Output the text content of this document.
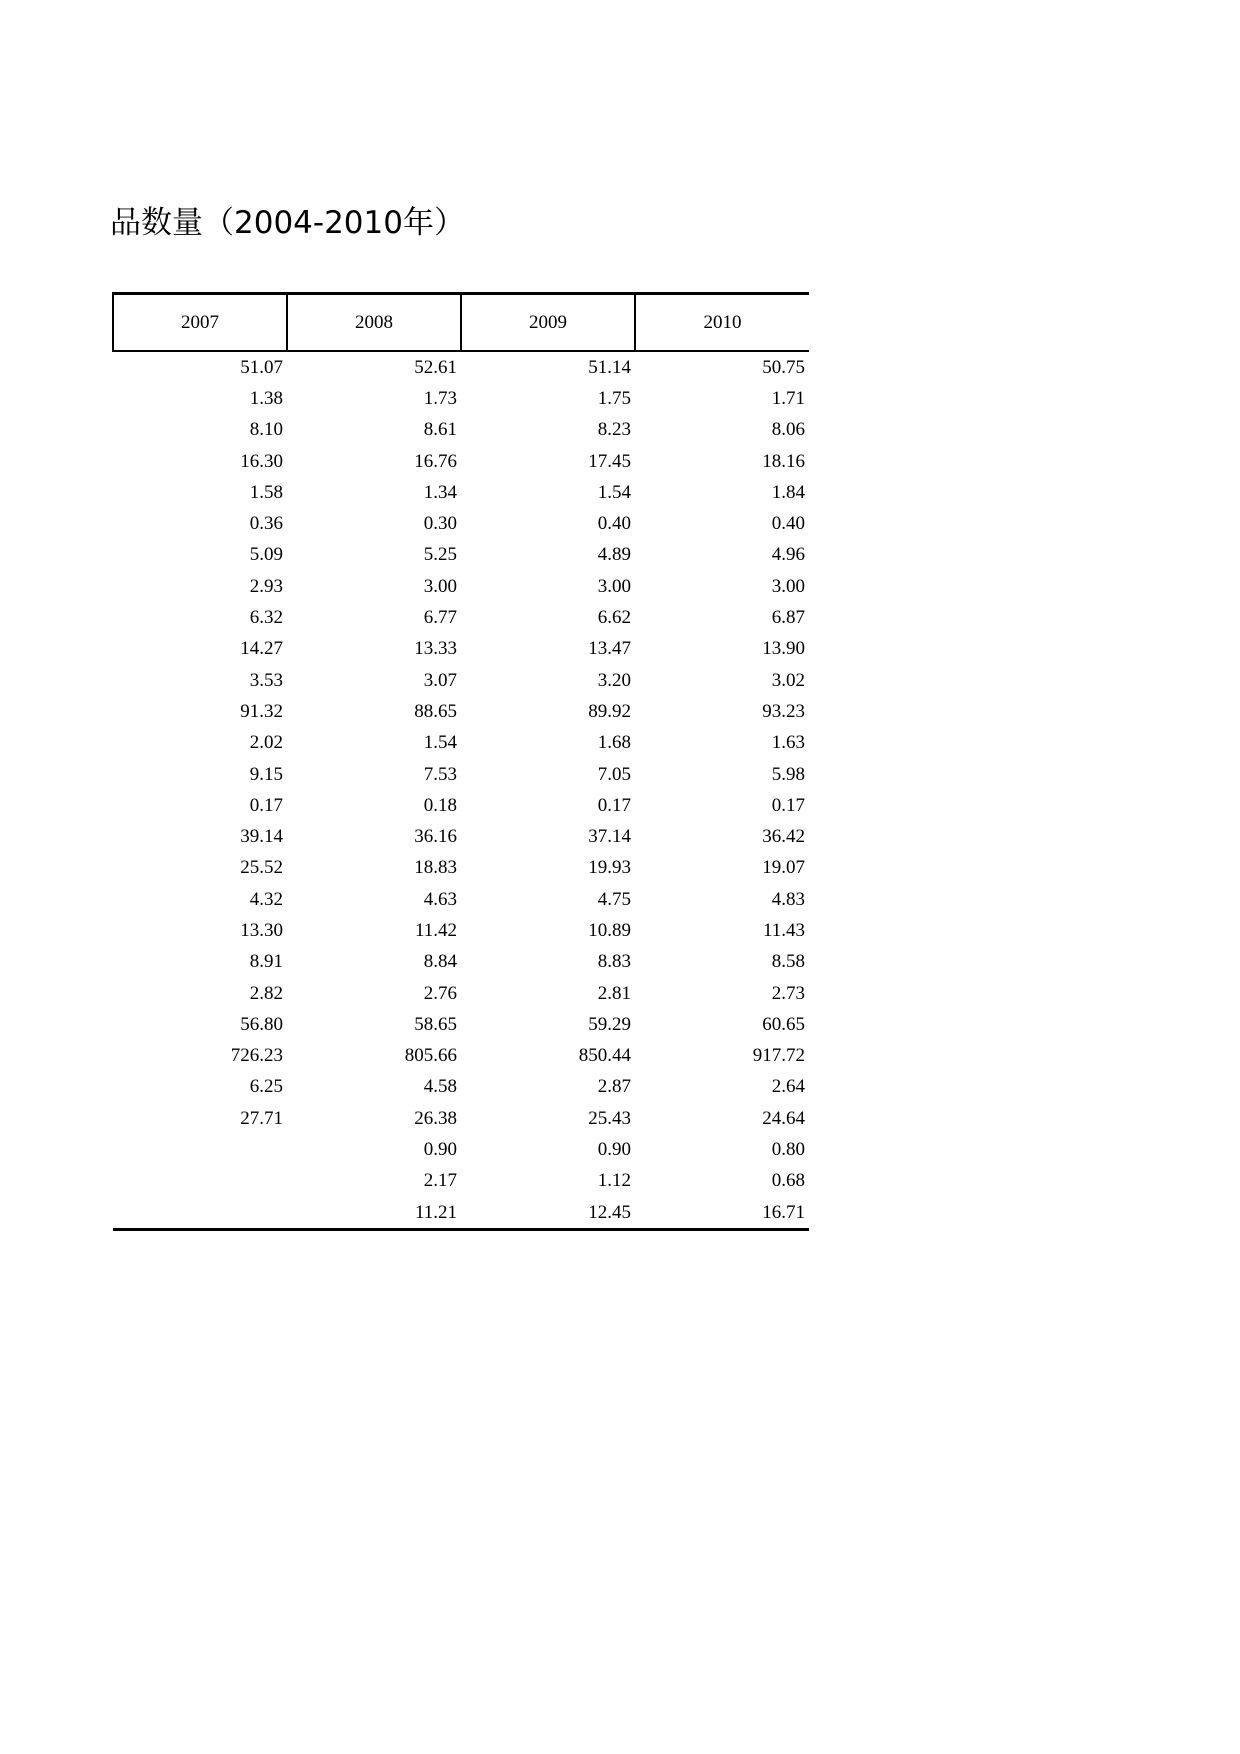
品数量（2004-2010年）
2007	2008	2009	2010
51.07	52.61	51.14	50.75
1.38	1.73	1.75	1.71
8.10	8.61	8.23	8.06
16.30	16.76	17.45	18.16
1.58	1.34	1.54	1.84
0.36	0.30	0.40	0.40
5.09	5.25	4.89	4.96
2.93	3.00	3.00	3.00
6.32	6.77	6.62	6.87
14.27	13.33	13.47	13.90
3.53	3.07	3.20	3.02
91.32	88.65	89.92	93.23
2.02	1.54	1.68	1.63
9.15	7.53	7.05	5.98
0.17	0.18	0.17	0.17
39.14	36.16	37.14	36.42
25.52	18.83	19.93	19.07
4.32	4.63	4.75	4.83
13.30	11.42	10.89	11.43
8.91	8.84	8.83	8.58
2.82	2.76	2.81	2.73
56.80	58.65	59.29	60.65
726.23	805.66	850.44	917.72
6.25	4.58	2.87	2.64
27.71	26.38	25.43	24.64
	0.90	0.90	0.80
	2.17	1.12	0.68
	11.21	12.45	16.71
